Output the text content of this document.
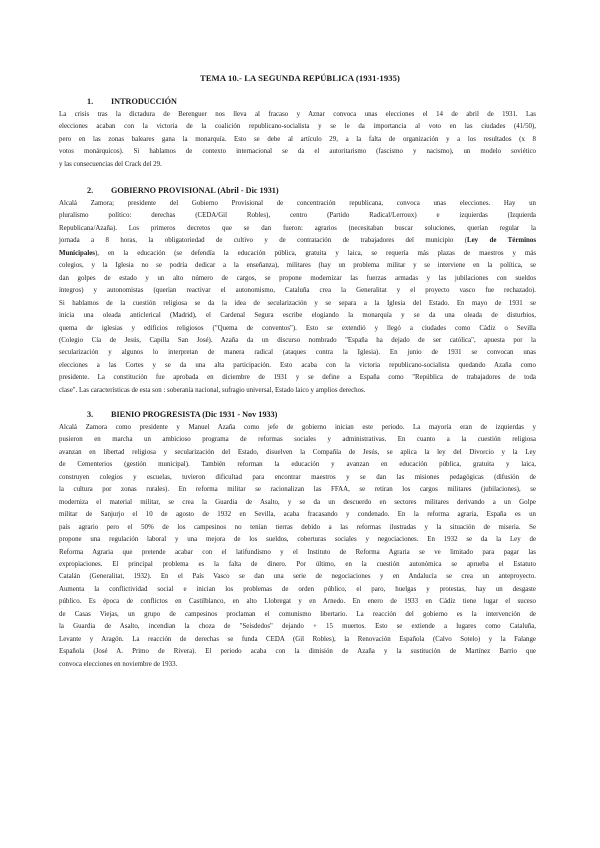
TEMA 10.- LA SEGUNDA REPÚBLICA (1931-1935)
1. INTRODUCCIÓN
La crisis tras la dictadura de Berenguer nos lleva al fracaso y Aznar convoca unas elecciones el 14 de abril de 1931. Las
elecciones acaban con la victoria de la coalición republicano-socialista y se le da importancia al voto en las ciudades (41/50),
pero en las zonas baleares gana la monarquía. Esto se debe al artículo 29, a la falta de organización y a los resultados (x 8
votos monárquicos). Si hablamos de contexto internacional se da el autoritarismo (fascismo y nacismo), un modelo soviético
y las consecuencias del Crack del 29.
2. GOBIERNO PROVISIONAL (Abril - Dic 1931)
Alcalá Zamora; presidente del Gobierno Provisional de concentración republicana, convoca unas elecciones. Hay un
pluralismo político: derechas (CEDA/Gil Robles), centro (Partido Radical/Lerroux) e izquierdas (Izquierda
Republicana/Azaña). Los primeros decretos que se dan fueron: agrarios (necesitaban buscar soluciones, querían regular la
jornada a 8 horas, la obligatoriedad de cultivo y de contratación de trabajadores del municipio (Ley de Términos
Municipales), en la educación (se defendía la educación pública, gratuita y laica, se requería más plazas de maestros y más
colegios, y la Iglesia no se podría dedicar a la enseñanza), militares (hay un problema militar y se interviene en la política, se
dan golpes de estado y un alto número de cargos, se propone modernizar las fuerzas armadas y las jubilaciones con sueldos
íntegros) y autonomistas (querían reactivar el autonomismo, Cataluña crea la Generalitat y el proyecto vasco fue rechazado).
Si hablamos de la cuestión religiosa se da la idea de secularización y se separa a la Iglesia del Estado. En mayo de 1931 se
inicia una oleada anticlerical (Madrid), el Cardenal Segura escribe elogiando la monarquía y se da una oleada de disturbios,
quema de iglesias y edificios religiosos ("Quema de conventos"). Esto se extendió y llegó a ciudades como Cádiz o Sevilla
(Colegio Cía de Jesús, Capilla San José). Azaña da un discurso nombrado "España ha dejado de ser católica", apuesta por la
secularización y algunos lo interpretan de manera radical (ataques contra la Iglesia). En junio de 1931 se convocan unas
elecciones a las Cortes y se da una alta participación. Esto acaba con la victoria republicano-socialista quedando Azaña como
presidente. La constitución fue aprobada en diciembre de 1931 y se define a España como "República de trabajadores de toda
clase". Las características de esta son : soberanía nacional, sufragio universal, Estado laico y amplios derechos.
3. BIENIO PROGRESISTA (Dic 1931 - Nov 1933)
Alcalá Zamora como presidente y Manuel Azaña como jefe de gobierno inician este periodo. La mayoría eran de izquierdas y
pusieron en marcha un ambicioso programa de reformas sociales y administrativas. En cuanto a la cuestión religiosa
avanzan en libertad religiosa y secularización del Estado, disuelven la Compañía de Jesús, se aplica la ley del Divorcio y la Ley
de Cementerios (gestión municipal). También reforman la educación y avanzan en educación pública, gratuita y laica,
construyen colegios y escuelas, tuvieron dificultad para encontrar maestros y se dan las misiones pedagógicas (difusión de
la cultura por zonas rurales). En reforma militar se racionalizan las FFAA, se retiran los cargos militares (jubilaciones), se
moderniza el material militar, se crea la Guardia de Asalto, y se da un descuerdo en sectores militares derivando a un Golpe
militar de Sanjurjo el 10 de agosto de 1932 en Sevilla, acaba fracasando y condenado. En la reforma agraria, España es un
país agrario pero el 50% de los campesinos no tenían tierras debido a las reformas ilustradas y la situación de miseria. Se
propone una regulación laboral y una mejora de los sueldos, coberturas sociales y negociaciones. En 1932 se da la Ley de
Reforma Agraria que pretende acabar con el latifundismo y el Instituto de Reforma Agraria se ve limitado para pagar las
expropiaciones. El principal problema es la falta de dinero. Por último, en la cuestión autonómica se aprueba el Estatuto
Catalán (Generalitat, 1932). En el País Vasco se dan una serie de negociaciones y en Andalucía se crea un anteproyecto.
Aumenta la conflictividad social e inician los problemas de orden público, el paro, huelgas y protestas, hay un desgaste
público. Es época de conflictos en Castilblanco, en alto Llobregat y en Arnedo. En enero de 1933 en Cádiz tiene lugar el suceso
de Casas Viejas, un grupo de campesinos proclaman el comunismo libertario. La reacción del gobierno es la intervención de
la Guardia de Asalto, incendian la choza de "Seisdedos" dejando + 15 muertos. Esto se extiende a lugares como Cataluña,
Levante y Aragón. La reacción de derechas se funda CEDA (Gil Robles), la Renovación Española (Calvo Sotelo) y la Falange
Española (José A. Primo de Rivera). El periodo acaba con la dimisión de Azaña y la sustitución de Martínez Barrio que
convoca elecciones en noviembre de 1933.
